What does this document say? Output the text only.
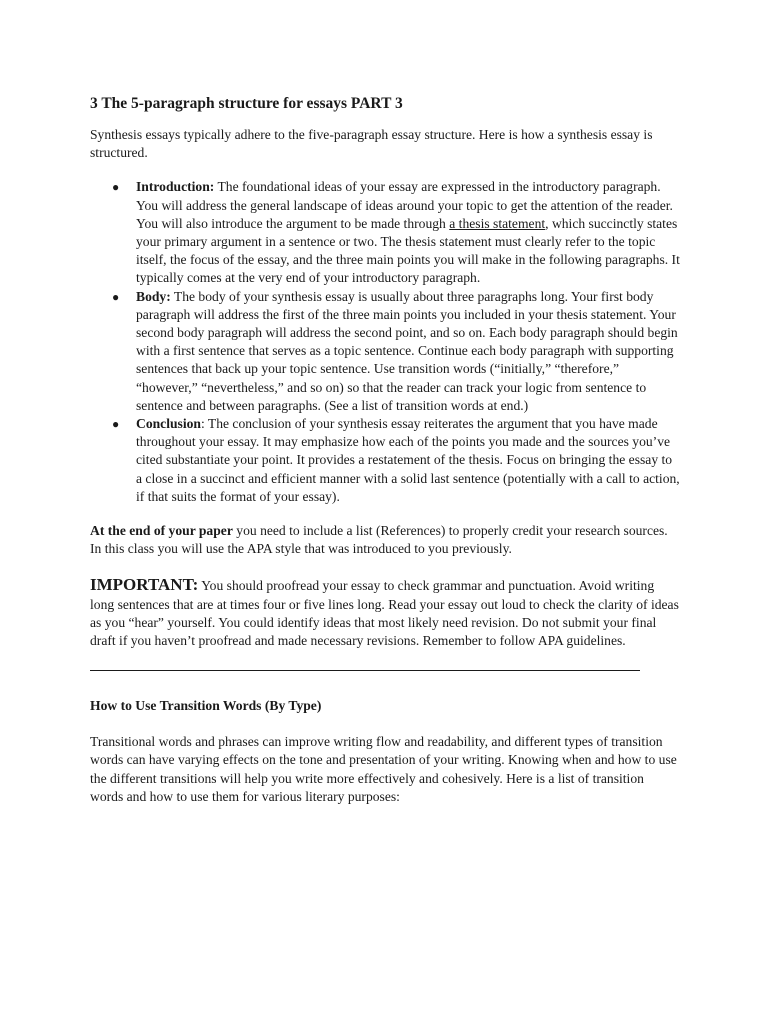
3 The 5-paragraph structure for essays PART 3

Synthesis essays typically adhere to the five-paragraph essay structure. Here is how a synthesis essay is structured.

● Introduction: The foundational ideas of your essay are expressed in the introductory paragraph. You will address the general landscape of ideas around your topic to get the attention of the reader. You will also introduce the argument to be made through a thesis statement, which succinctly states your primary argument in a sentence or two. The thesis statement must clearly refer to the topic itself, the focus of the essay, and the three main points you will make in the following paragraphs. It typically comes at the very end of your introductory paragraph.
● Body: The body of your synthesis essay is usually about three paragraphs long. Your first body paragraph will address the first of the three main points you included in your thesis statement. Your second body paragraph will address the second point, and so on. Each body paragraph should begin with a first sentence that serves as a topic sentence. Continue each body paragraph with supporting sentences that back up your topic sentence. Use transition words (“initially,” “therefore,” “however,” “nevertheless,” and so on) so that the reader can track your logic from sentence to sentence and between paragraphs. (See a list of transition words at end.)
● Conclusion: The conclusion of your synthesis essay reiterates the argument that you have made throughout your essay. It may emphasize how each of the points you made and the sources you’ve cited substantiate your point. It provides a restatement of the thesis. Focus on bringing the essay to a close in a succinct and efficient manner with a solid last sentence (potentially with a call to action, if that suits the format of your essay).

At the end of your paper you need to include a list (References) to properly credit your research sources. In this class you will use the APA style that was introduced to you previously.

IMPORTANT: You should proofread your essay to check grammar and punctuation. Avoid writing long sentences that are at times four or five lines long. Read your essay out loud to check the clarity of ideas as you “hear” yourself. You could identify ideas that most likely need revision. Do not submit your final draft if you haven’t proofread and made necessary revisions. Remember to follow APA guidelines.

How to Use Transition Words (By Type)

Transitional words and phrases can improve writing flow and readability, and different types of transition words can have varying effects on the tone and presentation of your writing. Knowing when and how to use the different transitions will help you write more effectively and cohesively. Here is a list of transition words and how to use them for various literary purposes:
